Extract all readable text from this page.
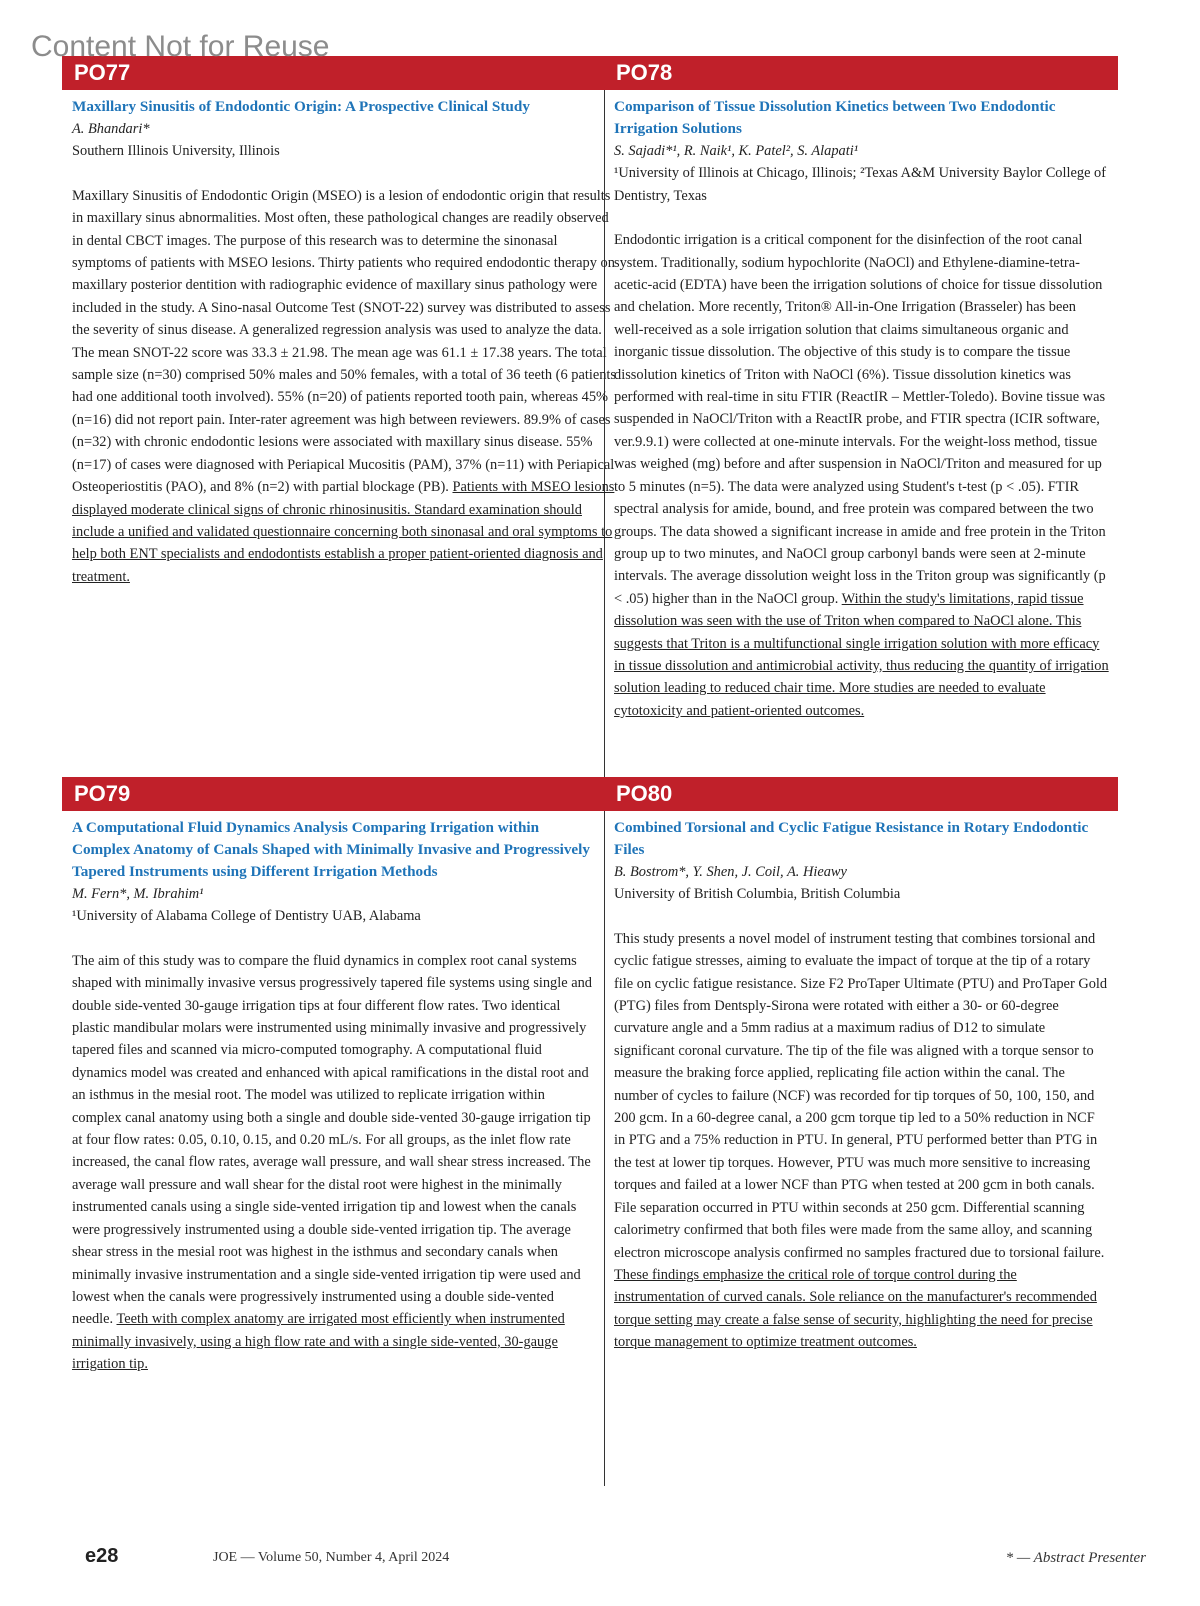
Content Not for Reuse
PO77	PO78
PO79	PO80
Maxillary Sinusitis of Endodontic Origin: A Prospective Clinical Study
A. Bhandari*
Southern Illinois University, Illinois
Maxillary Sinusitis of Endodontic Origin (MSEO) is a lesion of endodontic origin that results in maxillary sinus abnormalities. Most often, these pathological changes are readily observed in dental CBCT images. The purpose of this research was to determine the sinonasal symptoms of patients with MSEO lesions. Thirty patients who required endodontic therapy on maxillary posterior dentition with radiographic evidence of maxillary sinus pathology were included in the study. A Sino-nasal Outcome Test (SNOT-22) survey was distributed to assess the severity of sinus disease. A generalized regression analysis was used to analyze the data. The mean SNOT-22 score was 33.3 ± 21.98. The mean age was 61.1 ± 17.38 years. The total sample size (n=30) comprised 50% males and 50% females, with a total of 36 teeth (6 patients had one additional tooth involved). 55% (n=20) of patients reported tooth pain, whereas 45% (n=16) did not report pain. Inter-rater agreement was high between reviewers. 89.9% of cases (n=32) with chronic endodontic lesions were associated with maxillary sinus disease. 55% (n=17) of cases were diagnosed with Periapical Mucositis (PAM), 37% (n=11) with Periapical Osteoperiostitis (PAO), and 8% (n=2) with partial blockage (PB). Patients with MSEO lesions displayed moderate clinical signs of chronic rhinosinusitis. Standard examination should include a unified and validated questionnaire concerning both sinonasal and oral symptoms to help both ENT specialists and endodontists establish a proper patient-oriented diagnosis and treatment.
Comparison of Tissue Dissolution Kinetics between Two Endodontic Irrigation Solutions
S. Sajadi*¹, R. Naik¹, K. Patel², S. Alapati¹
¹University of Illinois at Chicago, Illinois; ²Texas A&M University Baylor College of Dentistry, Texas
Endodontic irrigation is a critical component for the disinfection of the root canal system. Traditionally, sodium hypochlorite (NaOCl) and Ethylene-diamine-tetra-acetic-acid (EDTA) have been the irrigation solutions of choice for tissue dissolution and chelation. More recently, Triton® All-in-One Irrigation (Brasseler) has been well-received as a sole irrigation solution that claims simultaneous organic and inorganic tissue dissolution. The objective of this study is to compare the tissue dissolution kinetics of Triton with NaOCl (6%). Tissue dissolution kinetics was performed with real-time in situ FTIR (ReactIR – Mettler-Toledo). Bovine tissue was suspended in NaOCl/Triton with a ReactIR probe, and FTIR spectra (ICIR software, ver.9.9.1) were collected at one-minute intervals. For the weight-loss method, tissue was weighed (mg) before and after suspension in NaOCl/Triton and measured for up to 5 minutes (n=5). The data were analyzed using Student's t-test (p < .05). FTIR spectral analysis for amide, bound, and free protein was compared between the two groups. The data showed a significant increase in amide and free protein in the Triton group up to two minutes, and NaOCl group carbonyl bands were seen at 2-minute intervals. The average dissolution weight loss in the Triton group was significantly (p < .05) higher than in the NaOCl group. Within the study's limitations, rapid tissue dissolution was seen with the use of Triton when compared to NaOCl alone. This suggests that Triton is a multifunctional single irrigation solution with more efficacy in tissue dissolution and antimicrobial activity, thus reducing the quantity of irrigation solution leading to reduced chair time. More studies are needed to evaluate cytotoxicity and patient-oriented outcomes.
A Computational Fluid Dynamics Analysis Comparing Irrigation within Complex Anatomy of Canals Shaped with Minimally Invasive and Progressively Tapered Instruments using Different Irrigation Methods
M. Fern*, M. Ibrahim¹
¹University of Alabama College of Dentistry UAB, Alabama
The aim of this study was to compare the fluid dynamics in complex root canal systems shaped with minimally invasive versus progressively tapered file systems using single and double side-vented 30-gauge irrigation tips at four different flow rates. Two identical plastic mandibular molars were instrumented using minimally invasive and progressively tapered files and scanned via micro-computed tomography. A computational fluid dynamics model was created and enhanced with apical ramifications in the distal root and an isthmus in the mesial root. The model was utilized to replicate irrigation within complex canal anatomy using both a single and double side-vented 30-gauge irrigation tip at four flow rates: 0.05, 0.10, 0.15, and 0.20 mL/s. For all groups, as the inlet flow rate increased, the canal flow rates, average wall pressure, and wall shear stress increased. The average wall pressure and wall shear for the distal root were highest in the minimally instrumented canals using a single side-vented irrigation tip and lowest when the canals were progressively instrumented using a double side-vented irrigation tip. The average shear stress in the mesial root was highest in the isthmus and secondary canals when minimally invasive instrumentation and a single side-vented irrigation tip were used and lowest when the canals were progressively instrumented using a double side-vented needle. Teeth with complex anatomy are irrigated most efficiently when instrumented minimally invasively, using a high flow rate and with a single side-vented, 30-gauge irrigation tip.
Combined Torsional and Cyclic Fatigue Resistance in Rotary Endodontic Files
B. Bostrom*, Y. Shen, J. Coil, A. Hieawy
University of British Columbia, British Columbia
This study presents a novel model of instrument testing that combines torsional and cyclic fatigue stresses, aiming to evaluate the impact of torque at the tip of a rotary file on cyclic fatigue resistance. Size F2 ProTaper Ultimate (PTU) and ProTaper Gold (PTG) files from Dentsply-Sirona were rotated with either a 30- or 60-degree curvature angle and a 5mm radius at a maximum radius of D12 to simulate significant coronal curvature. The tip of the file was aligned with a torque sensor to measure the braking force applied, replicating file action within the canal. The number of cycles to failure (NCF) was recorded for tip torques of 50, 100, 150, and 200 gcm. In a 60-degree canal, a 200 gcm torque tip led to a 50% reduction in NCF in PTG and a 75% reduction in PTU. In general, PTU performed better than PTG in the test at lower tip torques. However, PTU was much more sensitive to increasing torques and failed at a lower NCF than PTG when tested at 200 gcm in both canals. File separation occurred in PTU within seconds at 250 gcm. Differential scanning calorimetry confirmed that both files were made from the same alloy, and scanning electron microscope analysis confirmed no samples fractured due to torsional failure. These findings emphasize the critical role of torque control during the instrumentation of curved canals. Sole reliance on the manufacturer's recommended torque setting may create a false sense of security, highlighting the need for precise torque management to optimize treatment outcomes.
e28	JOE — Volume 50, Number 4, April 2024	* — Abstract Presenter
